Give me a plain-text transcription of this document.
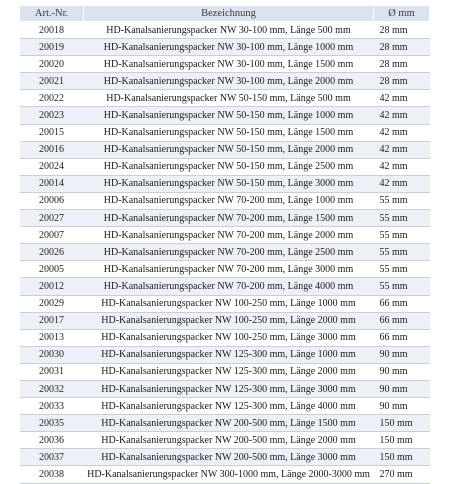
Art.-Nr.	Bezeichnung	Ø mm
20018	HD-Kanalsanierungspacker NW 30-100 mm, Länge 500 mm	28 mm
20019	HD-Kanalsanierungspacker NW 30-100 mm, Länge 1000 mm	28 mm
20020	HD-Kanalsanierungspacker NW 30-100 mm, Länge 1500 mm	28 mm
20021	HD-Kanalsanierungspacker NW 30-100 mm, Länge 2000 mm	28 mm
20022	HD-Kanalsanierungspacker NW 50-150 mm, Länge 500 mm	42 mm
20023	HD-Kanalsanierungspacker NW 50-150 mm, Länge 1000 mm	42 mm
20015	HD-Kanalsanierungspacker NW 50-150 mm, Länge 1500 mm	42 mm
20016	HD-Kanalsanierungspacker NW 50-150 mm, Länge 2000 mm	42 mm
20024	HD-Kanalsanierungspacker NW 50-150 mm, Länge 2500 mm	42 mm
20014	HD-Kanalsanierungspacker NW 50-150 mm, Länge 3000 mm	42 mm
20006	HD-Kanalsanierungspacker NW 70-200 mm, Länge 1000 mm	55 mm
20027	HD-Kanalsanierungspacker NW 70-200 mm, Länge 1500 mm	55 mm
20007	HD-Kanalsanierungspacker NW 70-200 mm, Länge 2000 mm	55 mm
20026	HD-Kanalsanierungspacker NW 70-200 mm, Länge 2500 mm	55 mm
20005	HD-Kanalsanierungspacker NW 70-200 mm, Länge 3000 mm	55 mm
20012	HD-Kanalsanierungspacker NW 70-200 mm, Länge 4000 mm	55 mm
20029	HD-Kanalsanierungspacker NW 100-250 mm, Länge 1000 mm	66 mm
20017	HD-Kanalsanierungspacker NW 100-250 mm, Länge 2000 mm	66 mm
20013	HD-Kanalsanierungspacker NW 100-250 mm, Länge 3000 mm	66 mm
20030	HD-Kanalsanierungspacker NW 125-300 mm, Länge 1000 mm	90 mm
20031	HD-Kanalsanierungspacker NW 125-300 mm, Länge 2000 mm	90 mm
20032	HD-Kanalsanierungspacker NW 125-300 mm, Länge 3000 mm	90 mm
20033	HD-Kanalsanierungspacker NW 125-300 mm, Länge 4000 mm	90 mm
20035	HD-Kanalsanierungspacker NW 200-500 mm, Länge 1500 mm	150 mm
20036	HD-Kanalsanierungspacker NW 200-500 mm, Länge 2000 mm	150 mm
20037	HD-Kanalsanierungspacker NW 200-500 mm, Länge 3000 mm	150 mm
20038	HD-Kanalsanierungspacker NW 300-1000 mm, Länge 2000-3000 mm	270 mm
